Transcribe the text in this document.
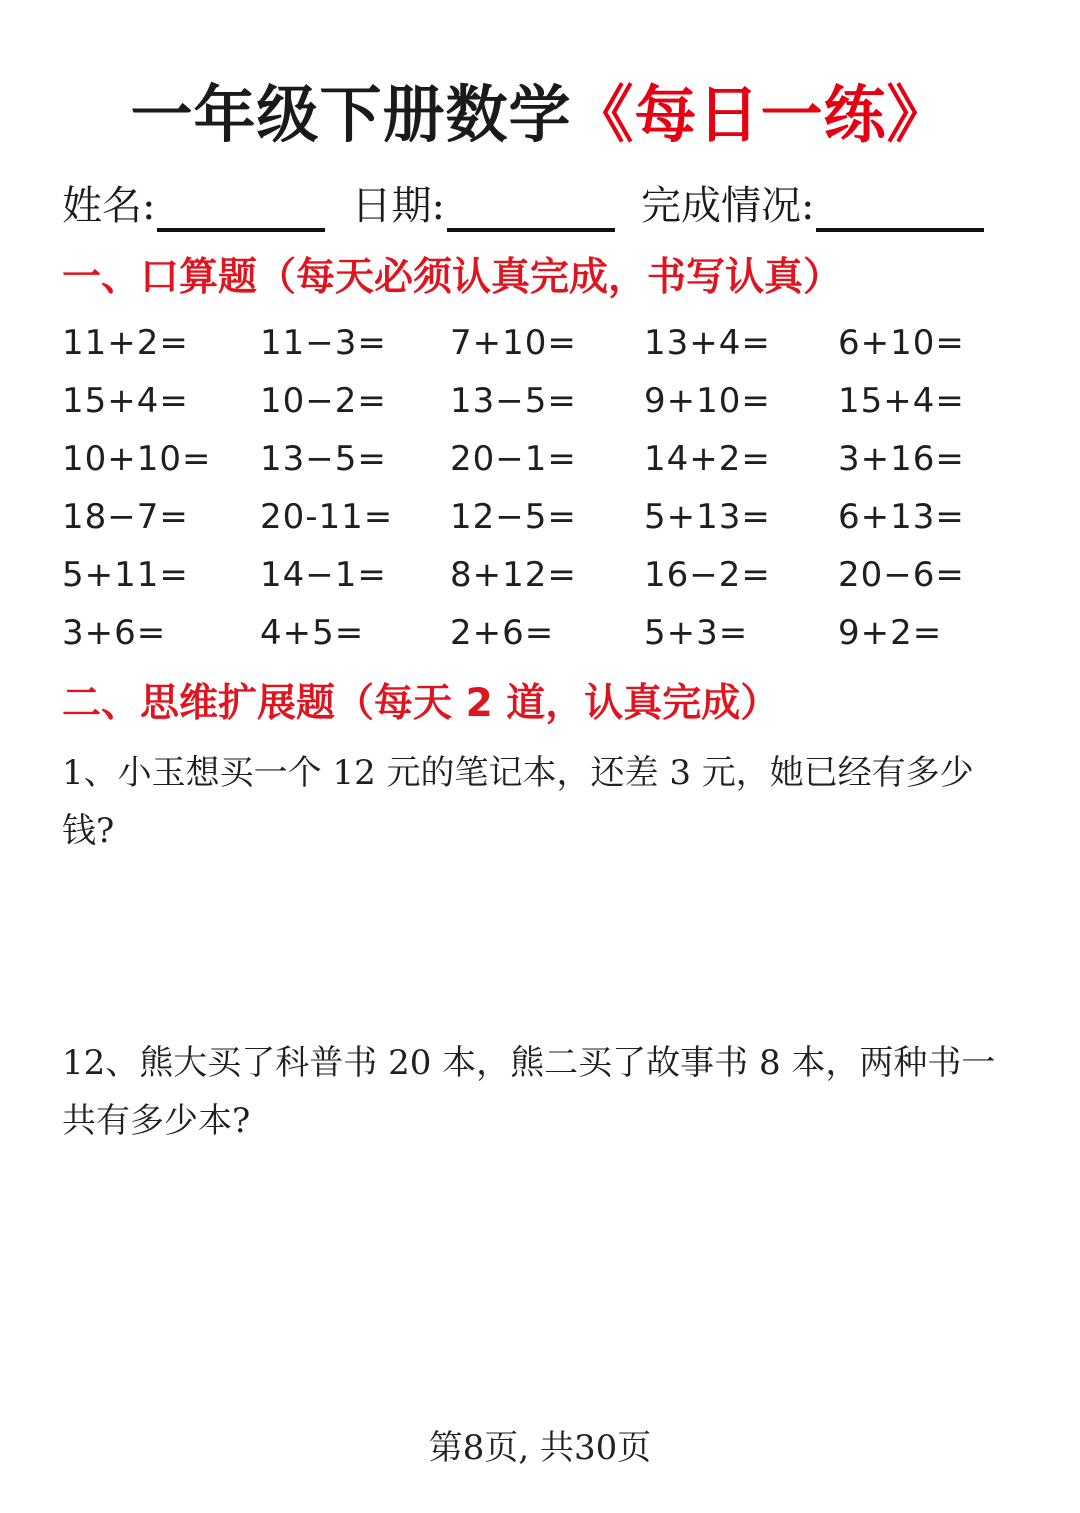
一年级下册数学《每日一练》
姓名:	日期:	完成情况:
一、口算题（每天必须认真完成，书写认真）
11+2= 11−3= 7+10= 13+4= 6+10=
15+4= 10−2= 13−5= 9+10= 15+4=
10+10= 13−5= 20−1= 14+2= 3+16=
18−7= 20-11= 12−5= 5+13= 6+13=
5+11= 14−1= 8+12= 16−2= 20−6=
3+6=	4+5=	2+6=	5+3=	9+2=
二、思维扩展题（每天 2 道，认真完成）
1、小玉想买一个 12 元的笔记本，还差 3 元，她已经有多少钱?
12、熊大买了科普书 20 本，熊二买了故事书 8 本，两种书一共有多少本?
第8页, 共30页
